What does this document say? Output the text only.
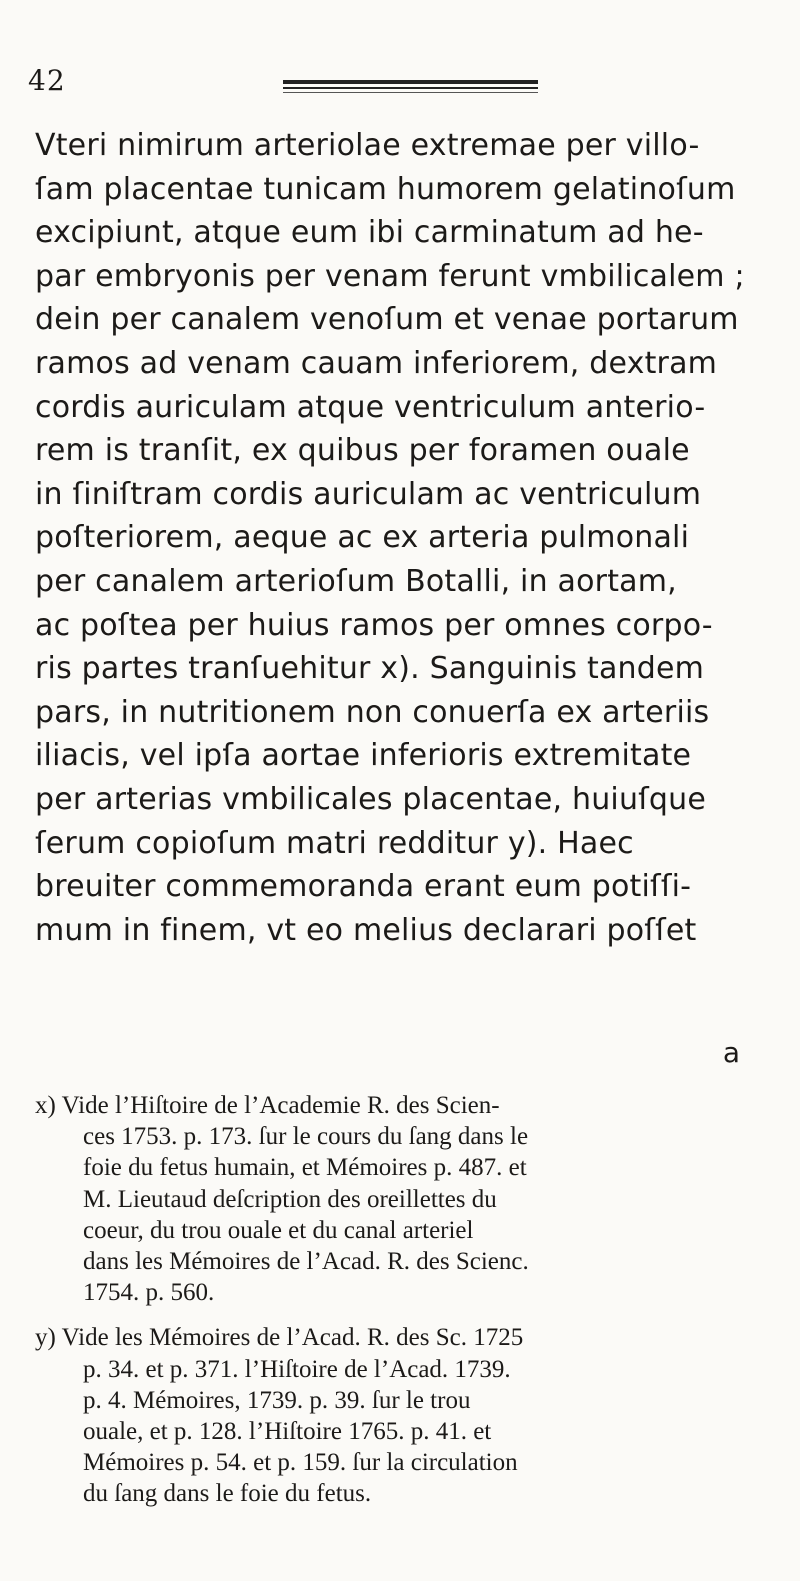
42
Vteri nimirum arteriolae extremae per villo-
ſam placentae tunicam humorem gelatinoſum
excipiunt, atque eum ibi carminatum ad he-
par embryonis per venam ferunt vmbilicalem ;
dein per canalem venoſum et venae portarum
ramos ad venam cauam inferiorem, dextram
cordis auriculam atque ventriculum anterio-
rem is tranſit, ex quibus per foramen ouale
in ſiniſtram cordis auriculam ac ventriculum
poſteriorem, aeque ac ex arteria pulmonali
per canalem arterioſum Botalli, in aortam,
ac poſtea per huius ramos per omnes corpo-
ris partes tranſuehitur x). Sanguinis tandem
pars, in nutritionem non conuerſa ex arteriis
iliacis, vel ipſa aortae inferioris extremitate
per arterias vmbilicales placentae, huiuſque
ſerum copioſum matri redditur y). Haec
breuiter commemoranda erant eum potiſſi-
mum in finem, vt eo melius declarari poſſet
a
x) Vide l’Hiſtoire de l’Academie R. des Scien-
ces 1753. p. 173. ſur le cours du ſang dans le
foie du fetus humain, et Mémoires p. 487. et
M. Lieutaud deſcription des oreillettes du
coeur, du trou ouale et du canal arteriel
dans les Mémoires de l’Acad. R. des Scienc.
1754. p. 560.
y) Vide les Mémoires de l’Acad. R. des Sc. 1725
p. 34. et p. 371. l’Hiſtoire de l’Acad. 1739.
p. 4. Mémoires, 1739. p. 39. ſur le trou
ouale, et p. 128. l’Hiſtoire 1765. p. 41. et
Mémoires p. 54. et p. 159. ſur la circulation
du ſang dans le foie du fetus.
